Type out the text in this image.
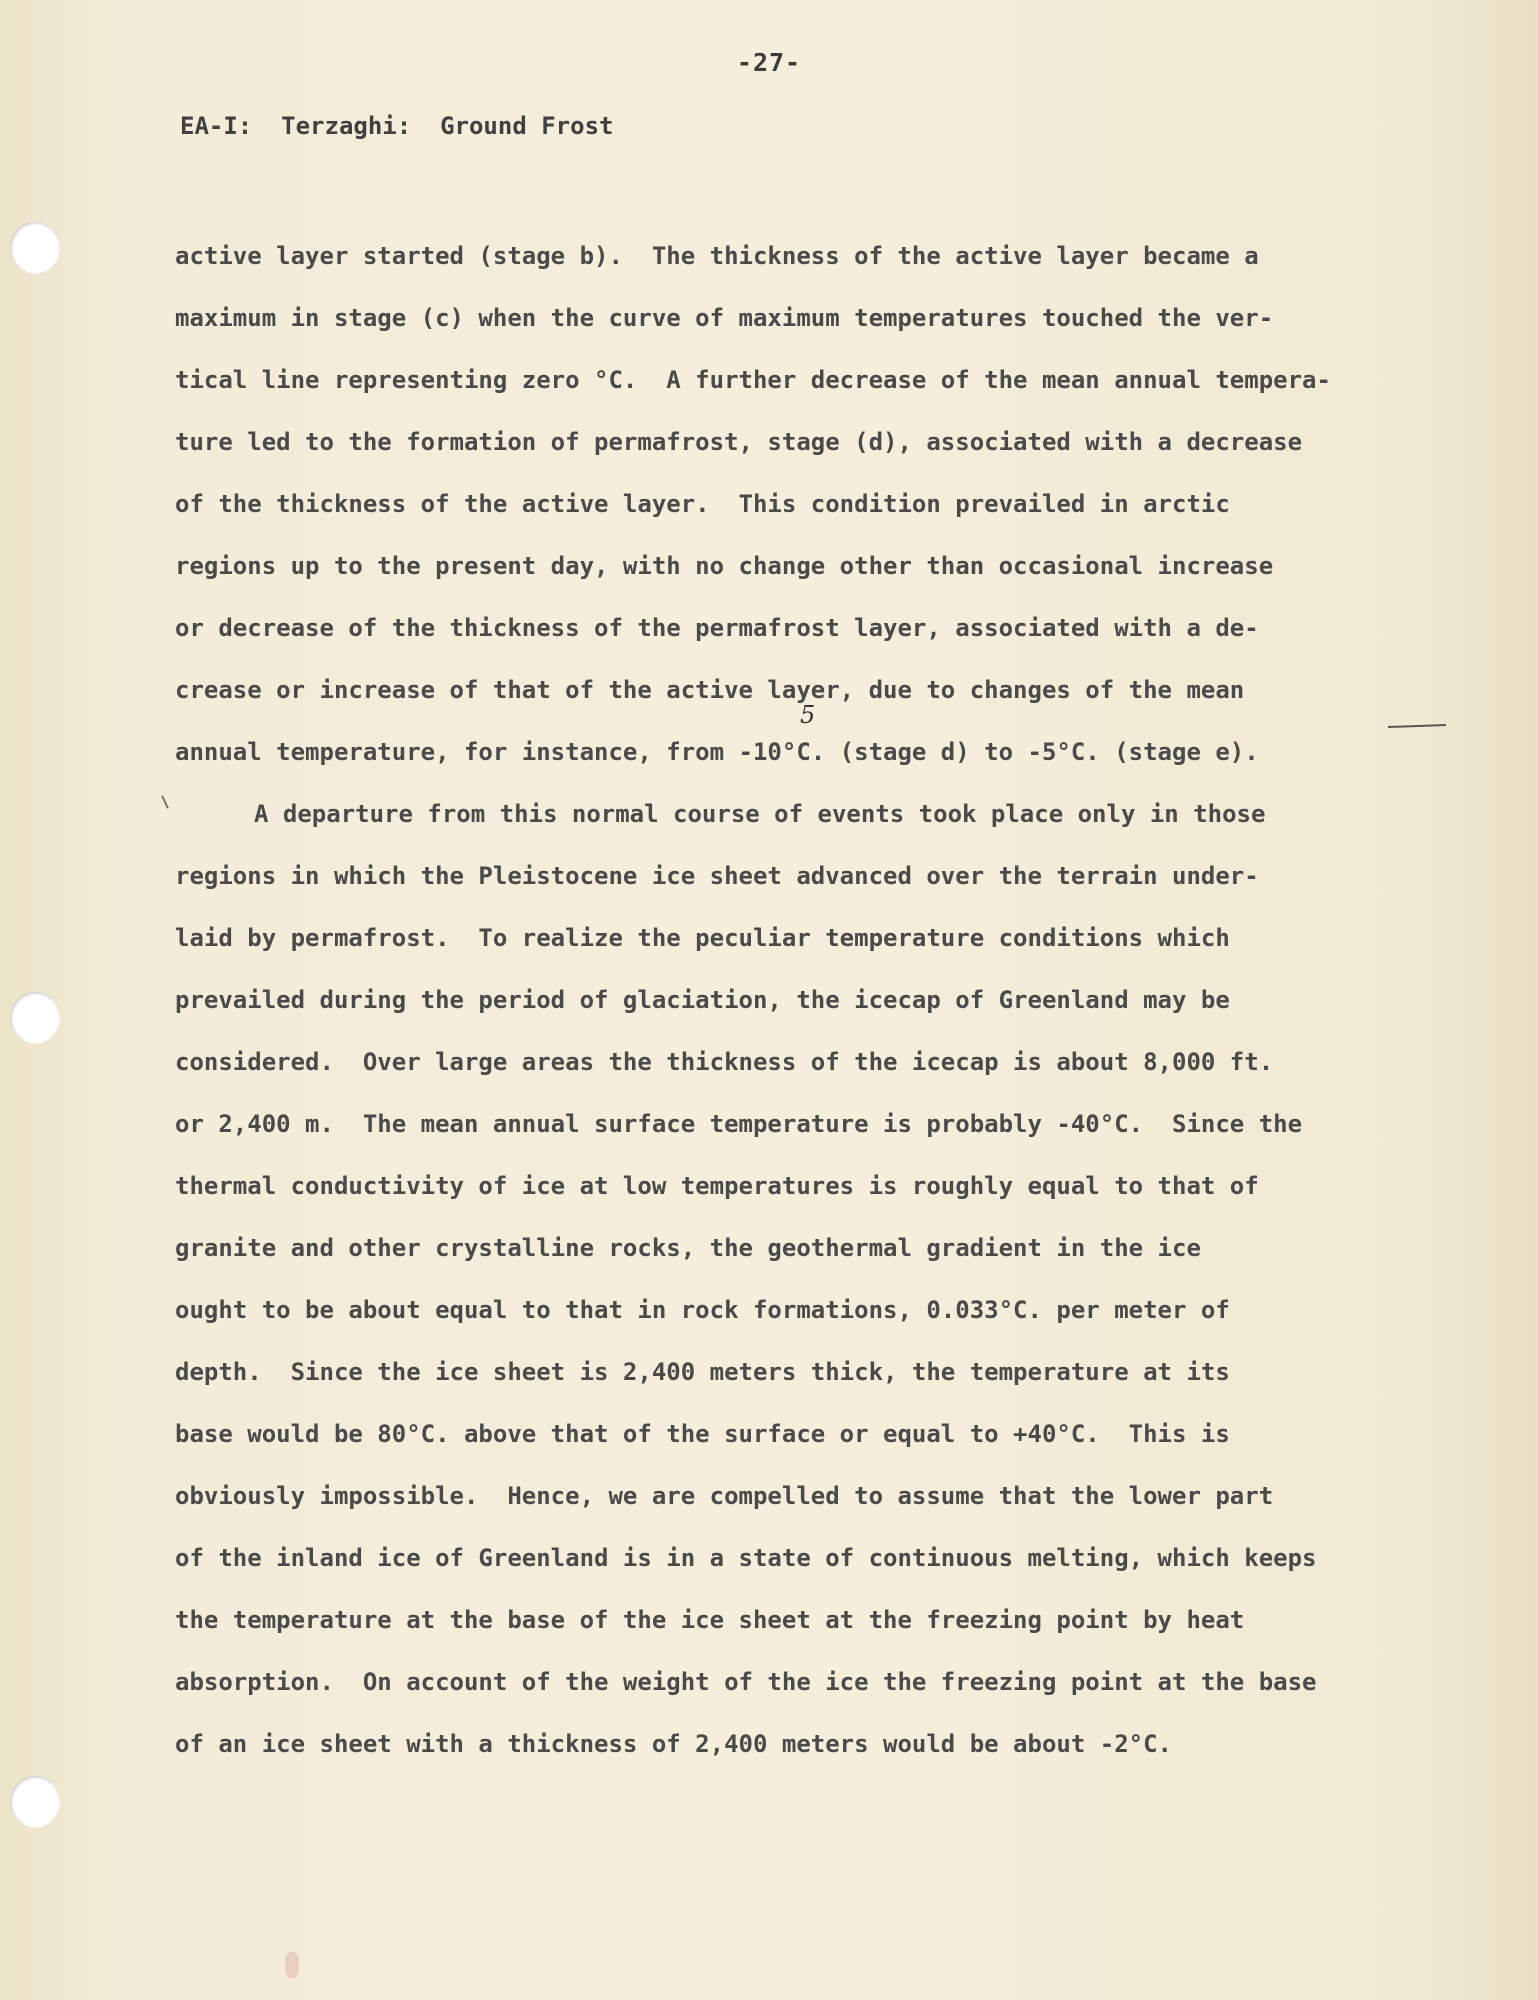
-27-
EA-I:  Terzaghi:  Ground Frost
active layer started (stage b).  The thickness of the active layer became a
maximum in stage (c) when the curve of maximum temperatures touched the ver-
tical line representing zero °C.  A further decrease of the mean annual tempera-
ture led to the formation of permafrost, stage (d), associated with a decrease
of the thickness of the active layer.  This condition prevailed in arctic
regions up to the present day, with no change other than occasional increase
or decrease of the thickness of the permafrost layer, associated with a de-
crease or increase of that of the active layer, due to changes of the mean
annual temperature, for instance, from -10°C. (stage d) to -5°C. (stage e).
A departure from this normal course of events took place only in those
regions in which the Pleistocene ice sheet advanced over the terrain under-
laid by permafrost.  To realize the peculiar temperature conditions which
prevailed during the period of glaciation, the icecap of Greenland may be
considered.  Over large areas the thickness of the icecap is about 8,000 ft.
or 2,400 m.  The mean annual surface temperature is probably -40°C.  Since the
thermal conductivity of ice at low temperatures is roughly equal to that of
granite and other crystalline rocks, the geothermal gradient in the ice
ought to be about equal to that in rock formations, 0.033°C. per meter of
depth.  Since the ice sheet is 2,400 meters thick, the temperature at its
base would be 80°C. above that of the surface or equal to +40°C.  This is
obviously impossible.  Hence, we are compelled to assume that the lower part
of the inland ice of Greenland is in a state of continuous melting, which keeps
the temperature at the base of the ice sheet at the freezing point by heat
absorption.  On account of the weight of the ice the freezing point at the base
of an ice sheet with a thickness of 2,400 meters would be about -2°C.
5
